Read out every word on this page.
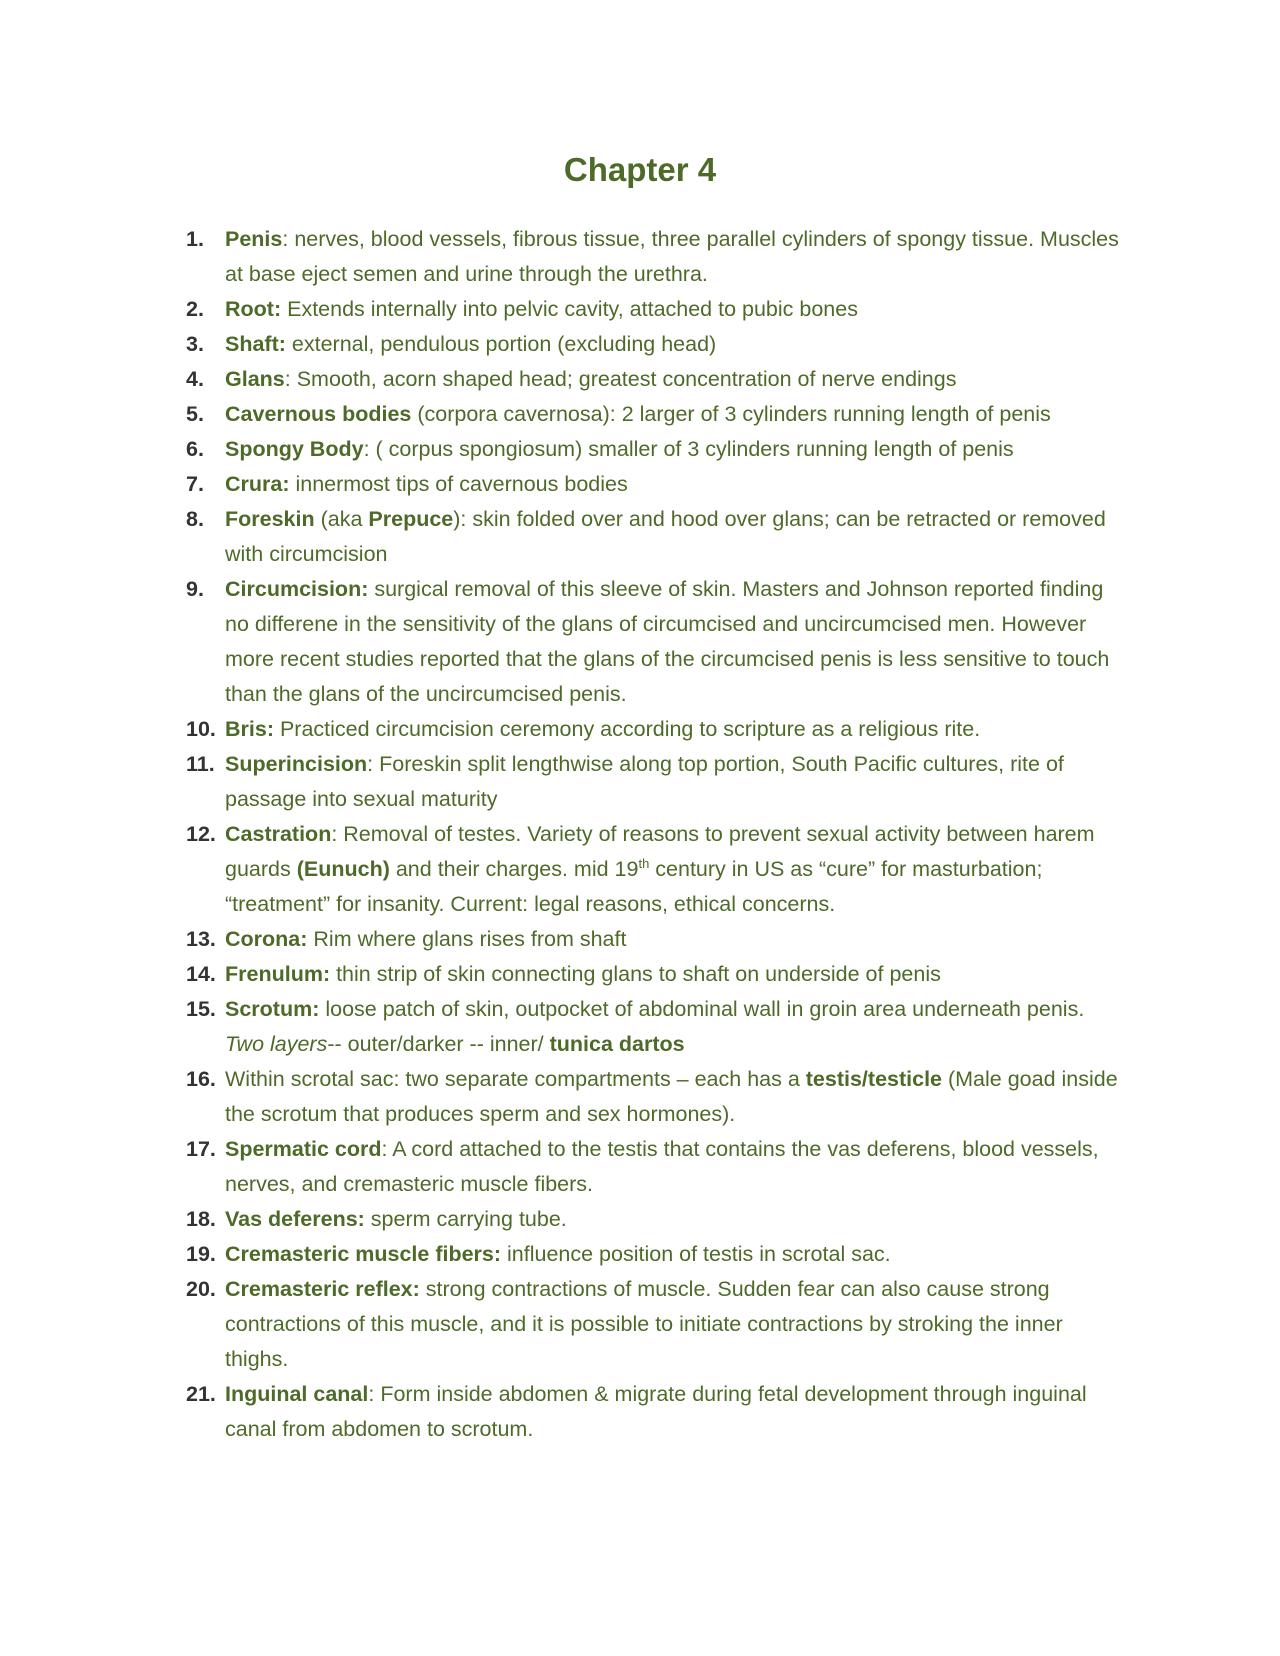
Chapter 4
1. Penis: nerves, blood vessels, fibrous tissue, three parallel cylinders of spongy tissue. Muscles at base eject semen and urine through the urethra.
2. Root: Extends internally into pelvic cavity, attached to pubic bones
3. Shaft: external, pendulous portion (excluding head)
4. Glans: Smooth, acorn shaped head; greatest concentration of nerve endings
5. Cavernous bodies (corpora cavernosa): 2 larger of 3 cylinders running length of penis
6. Spongy Body: ( corpus spongiosum) smaller of 3 cylinders running length of penis
7. Crura: innermost tips of cavernous bodies
8. Foreskin (aka Prepuce): skin folded over and hood over glans; can be retracted or removed with circumcision
9. Circumcision: surgical removal of this sleeve of skin. Masters and Johnson reported finding no differene in the sensitivity of the glans of circumcised and uncircumcised men. However more recent studies reported that the glans of the circumcised penis is less sensitive to touch than the glans of the uncircumcised penis.
10. Bris: Practiced circumcision ceremony according to scripture as a religious rite.
11. Superincision: Foreskin split lengthwise along top portion, South Pacific cultures, rite of passage into sexual maturity
12. Castration: Removal of testes. Variety of reasons to prevent sexual activity between harem guards (Eunuch) and their charges. mid 19th century in US as “cure” for masturbation; “treatment” for insanity. Current: legal reasons, ethical concerns.
13. Corona: Rim where glans rises from shaft
14. Frenulum: thin strip of skin connecting glans to shaft on underside of penis
15. Scrotum: loose patch of skin, outpocket of abdominal wall in groin area underneath penis. Two layers-- outer/darker -- inner/ tunica dartos
16. Within scrotal sac: two separate compartments – each has a testis/testicle (Male goad inside the scrotum that produces sperm and sex hormones).
17. Spermatic cord: A cord attached to the testis that contains the vas deferens, blood vessels, nerves, and cremasteric muscle fibers.
18. Vas deferens: sperm carrying tube.
19. Cremasteric muscle fibers: influence position of testis in scrotal sac.
20. Cremasteric reflex: strong contractions of muscle. Sudden fear can also cause strong contractions of this muscle, and it is possible to initiate contractions by stroking the inner thighs.
21. Inguinal canal: Form inside abdomen & migrate during fetal development through inguinal canal from abdomen to scrotum.
